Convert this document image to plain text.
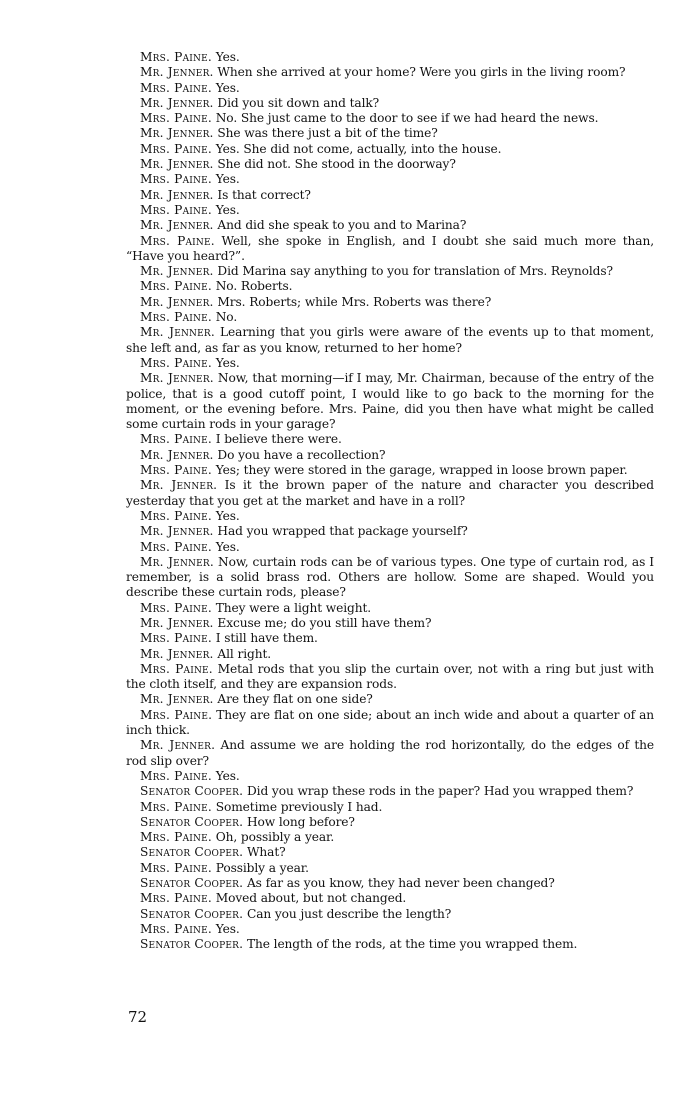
Mrs. Paine. Yes.

Mr. Jenner. When she arrived at your home? Were you girls in the living room?

Mrs. Paine. Yes.

Mr. Jenner. Did you sit down and talk?

Mrs. Paine. No. She just came to the door to see if we had heard the news.

Mr. Jenner. She was there just a bit of the time?

Mrs. Paine. Yes. She did not come, actually, into the house.

Mr. Jenner. She did not. She stood in the doorway?

Mrs. Paine. Yes.

Mr. Jenner. Is that correct?

Mrs. Paine. Yes.

Mr. Jenner. And did she speak to you and to Marina?

Mrs. Paine. Well, she spoke in English, and I doubt she said much more than, “Have you heard?”.

Mr. Jenner. Did Marina say anything to you for translation of Mrs. Reynolds?

Mrs. Paine. No. Roberts.

Mr. Jenner. Mrs. Roberts; while Mrs. Roberts was there?

Mrs. Paine. No.

Mr. Jenner. Learning that you girls were aware of the events up to that moment, she left and, as far as you know, returned to her home?

Mrs. Paine. Yes.

Mr. Jenner. Now, that morning—if I may, Mr. Chairman, because of the entry of the police, that is a good cutoff point, I would like to go back to the morning for the moment, or the evening before. Mrs. Paine, did you then have what might be called some curtain rods in your garage?

Mrs. Paine. I believe there were.

Mr. Jenner. Do you have a recollection?

Mrs. Paine. Yes; they were stored in the garage, wrapped in loose brown paper.

Mr. Jenner. Is it the brown paper of the nature and character you described yesterday that you get at the market and have in a roll?

Mrs. Paine. Yes.

Mr. Jenner. Had you wrapped that package yourself?

Mrs. Paine. Yes.

Mr. Jenner. Now, curtain rods can be of various types. One type of curtain rod, as I remember, is a solid brass rod. Others are hollow. Some are shaped. Would you describe these curtain rods, please?

Mrs. Paine. They were a light weight.

Mr. Jenner. Excuse me; do you still have them?

Mrs. Paine. I still have them.

Mr. Jenner. All right.

Mrs. Paine. Metal rods that you slip the curtain over, not with a ring but just with the cloth itself, and they are expansion rods.

Mr. Jenner. Are they flat on one side?

Mrs. Paine. They are flat on one side; about an inch wide and about a quarter of an inch thick.

Mr. Jenner. And assume we are holding the rod horizontally, do the edges of the rod slip over?

Mrs. Paine. Yes.

Senator Cooper. Did you wrap these rods in the paper? Had you wrapped them?

Mrs. Paine. Sometime previously I had.

Senator Cooper. How long before?

Mrs. Paine. Oh, possibly a year.

Senator Cooper. What?

Mrs. Paine. Possibly a year.

Senator Cooper. As far as you know, they had never been changed?

Mrs. Paine. Moved about, but not changed.

Senator Cooper. Can you just describe the length?

Mrs. Paine. Yes.

Senator Cooper. The length of the rods, at the time you wrapped them.

72
